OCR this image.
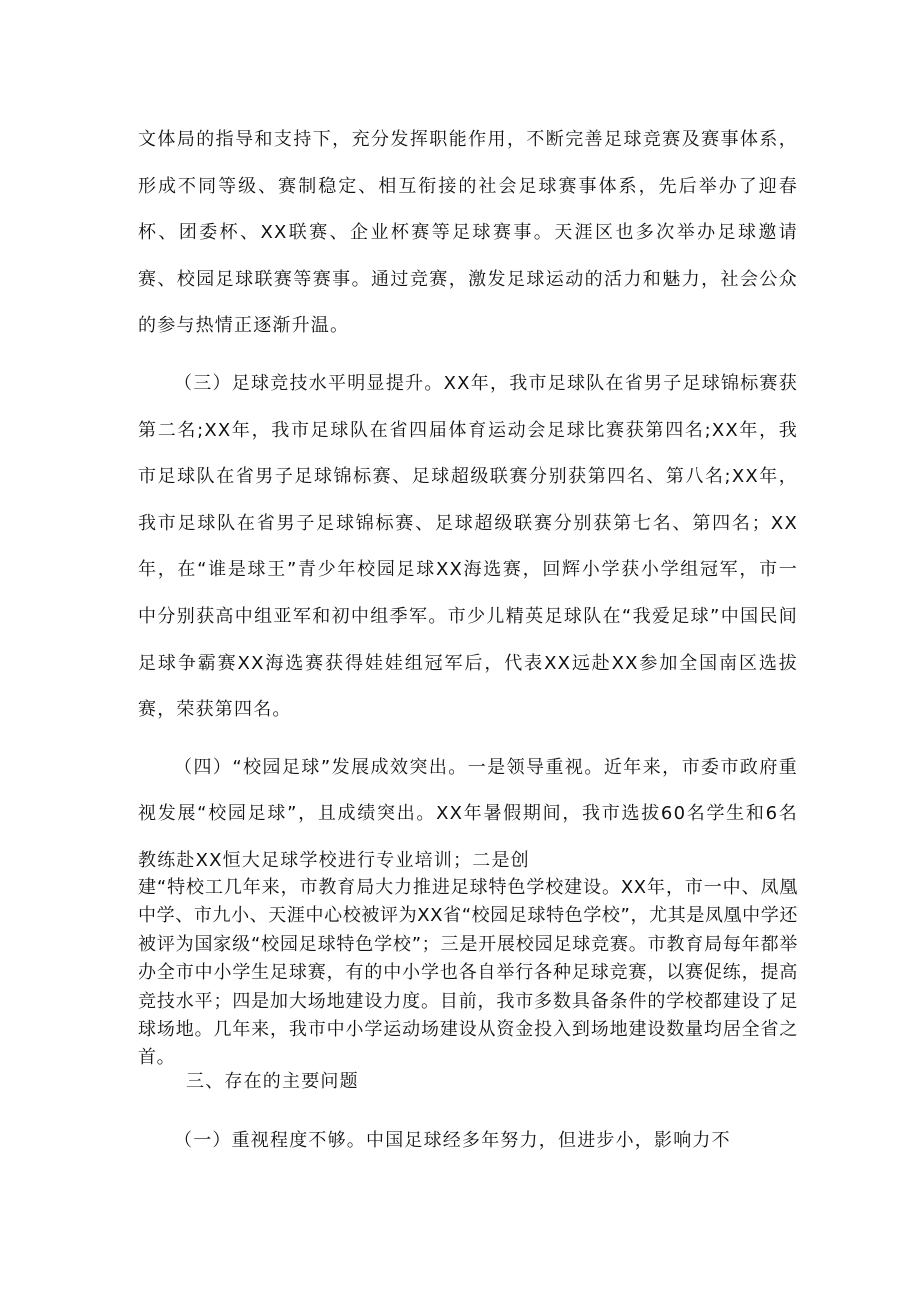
文体局的指导和支持下，充分发挥职能作用，不断完善足球竞赛及赛事体系，形成不同等级、赛制稳定、相互衔接的社会足球赛事体系，先后举办了迎春杯、团委杯、XX联赛、企业杯赛等足球赛事。天涯区也多次举办足球邀请赛、校园足球联赛等赛事。通过竞赛，激发足球运动的活力和魅力，社会公众的参与热情正逐渐升温。

（三）足球竞技水平明显提升。XX年，我市足球队在省男子足球锦标赛获第二名;XX年，我市足球队在省四届体育运动会足球比赛获第四名;XX年，我市足球队在省男子足球锦标赛、足球超级联赛分别获第四名、第八名;XX年，我市足球队在省男子足球锦标赛、足球超级联赛分别获第七名、第四名；XX年，在“谁是球王”青少年校园足球XX海选赛，回辉小学获小学组冠军，市一中分别获高中组亚军和初中组季军。市少儿精英足球队在“我爱足球”中国民间足球争霸赛XX海选赛获得娃娃组冠军后，代表XX远赴XX参加全国南区选拔赛，荣获第四名。

（四）“校园足球”发展成效突出。一是领导重视。近年来，市委市政府重视发展“校园足球”，且成绩突出。XX年暑假期间，我市选拔60名学生和6名教练赴XX恒大足球学校进行专业培训；二是创

建“特校工几年来，市教育局大力推进足球特色学校建设。XX年，市一中、凤凰中学、市九小、天涯中心校被评为XX省“校园足球特色学校”，尤其是凤凰中学还被评为国家级“校园足球特色学校”；三是开展校园足球竞赛。市教育局每年都举办全市中小学生足球赛，有的中小学也各自举行各种足球竞赛，以赛促练，提高竞技水平；四是加大场地建设力度。目前，我市多数具备条件的学校都建设了足球场地。几年来，我市中小学运动场建设从资金投入到场地建设数量均居全省之首。

三、存在的主要问题

（一）重视程度不够。中国足球经多年努力，但进步小，影响力不
